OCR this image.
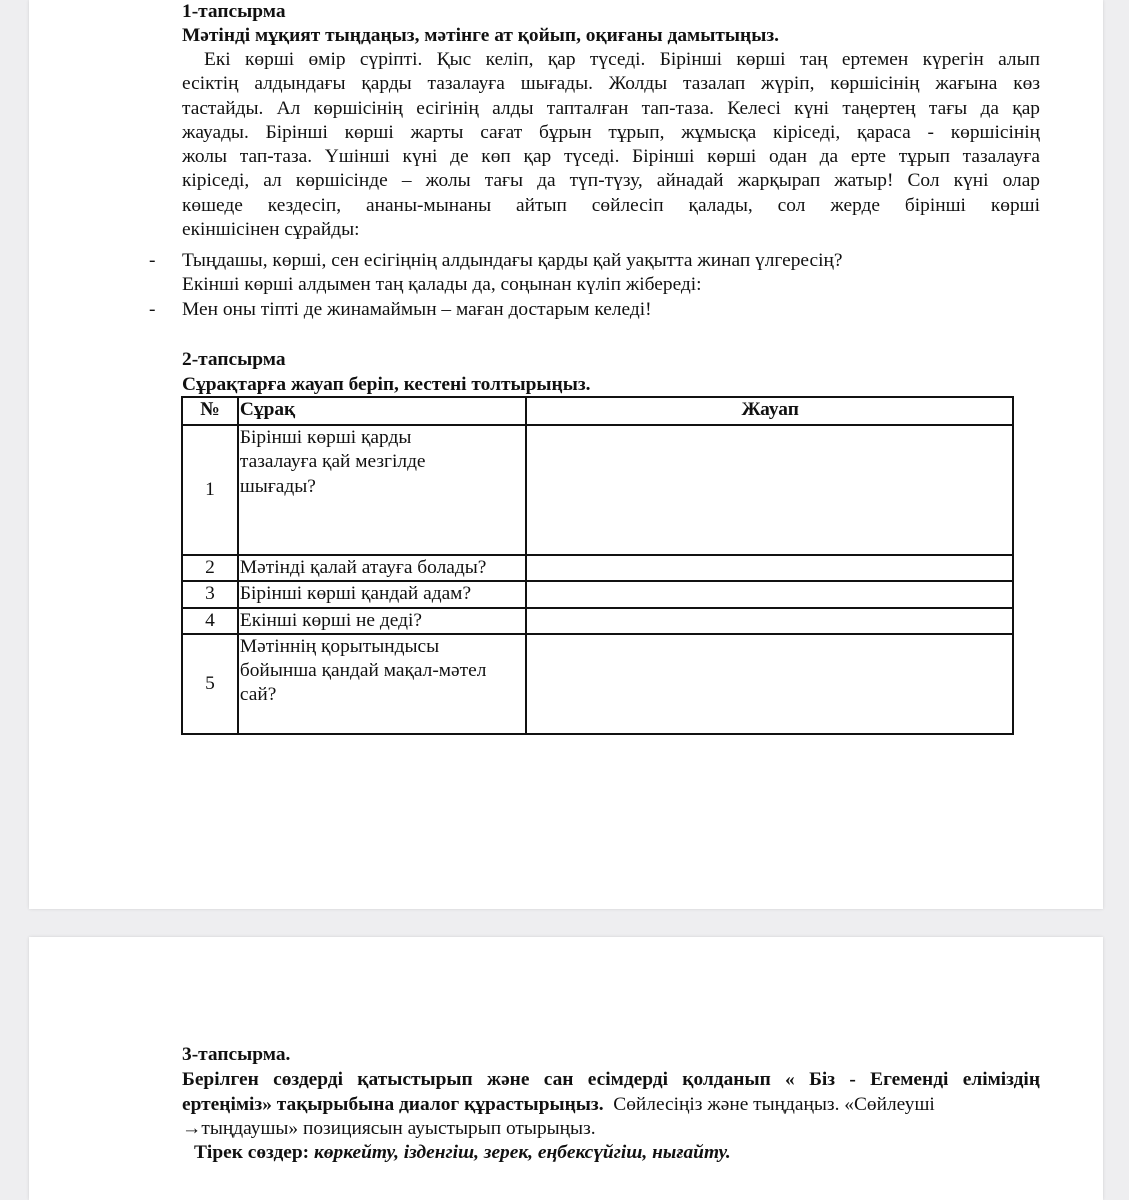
1-тапсырма
Мәтінді мұқият тыңдаңыз, мәтінге ат қойып, оқиғаны дамытыңыз.
Екі көрші өмір сүріпті. Қыс келіп, қар түседі. Бірінші көрші таң ертемен күрегін алып
есіктің алдындағы қарды тазалауға шығады. Жолды тазалап жүріп, көршісінің жағына көз
тастайды. Ал көршісінің есігінің алды тапталған тап-таза. Келесі күні таңертең тағы да қар
жауады. Бірінші көрші жарты сағат бұрын тұрып, жұмысқа кіріседі, қараса - көршісінің
жолы тап-таза. Үшінші күні де көп қар түседі. Бірінші көрші одан да ерте тұрып тазалауға
кіріседі, ал көршісінде – жолы тағы да түп-түзу, айнадай жарқырап жатыр! Сол күні олар
көшеде кездесіп, ананы-мынаны айтып сөйлесіп қалады, сол жерде бірінші көрші
екіншісінен сұрайды:
- Тыңдашы, көрші, сен есігіңнің алдындағы қарды қай уақытта жинап үлгересің?
Екінші көрші алдымен таң қалады да, соңынан күліп жібереді:
- Мен оны тіпті де жинамаймын – маған достарым келеді!
2-тапсырма
Сұрақтарға жауап беріп, кестені толтырыңыз.
№	Сұрақ	Жауап
1	Бірінші көрші қарды
тазалауға қай мезгілде
шығады?	

2	Мәтінді қалай атауға болады?	
3	Бірінші көрші қандай адам?	
4	Екінші көрші не деді?	
5	Мәтіннің қорытындысы
бойынша қандай мақал-мәтел
сай?	

3-тапсырма.
Берілген сөздерді қатыстырып және сан есімдерді қолданып « Біз - Егеменді еліміздің
ертеңіміз» тақырыбына диалог құрастырыңыз. Сөйлесіңіз және тыңдаңыз. «Сөйлеуші
→тыңдаушы» позициясын ауыстырып отырыңыз.
Тірек сөздер: көркейту, ізденгіш, зерек, еңбексүйгіш, нығайту.
